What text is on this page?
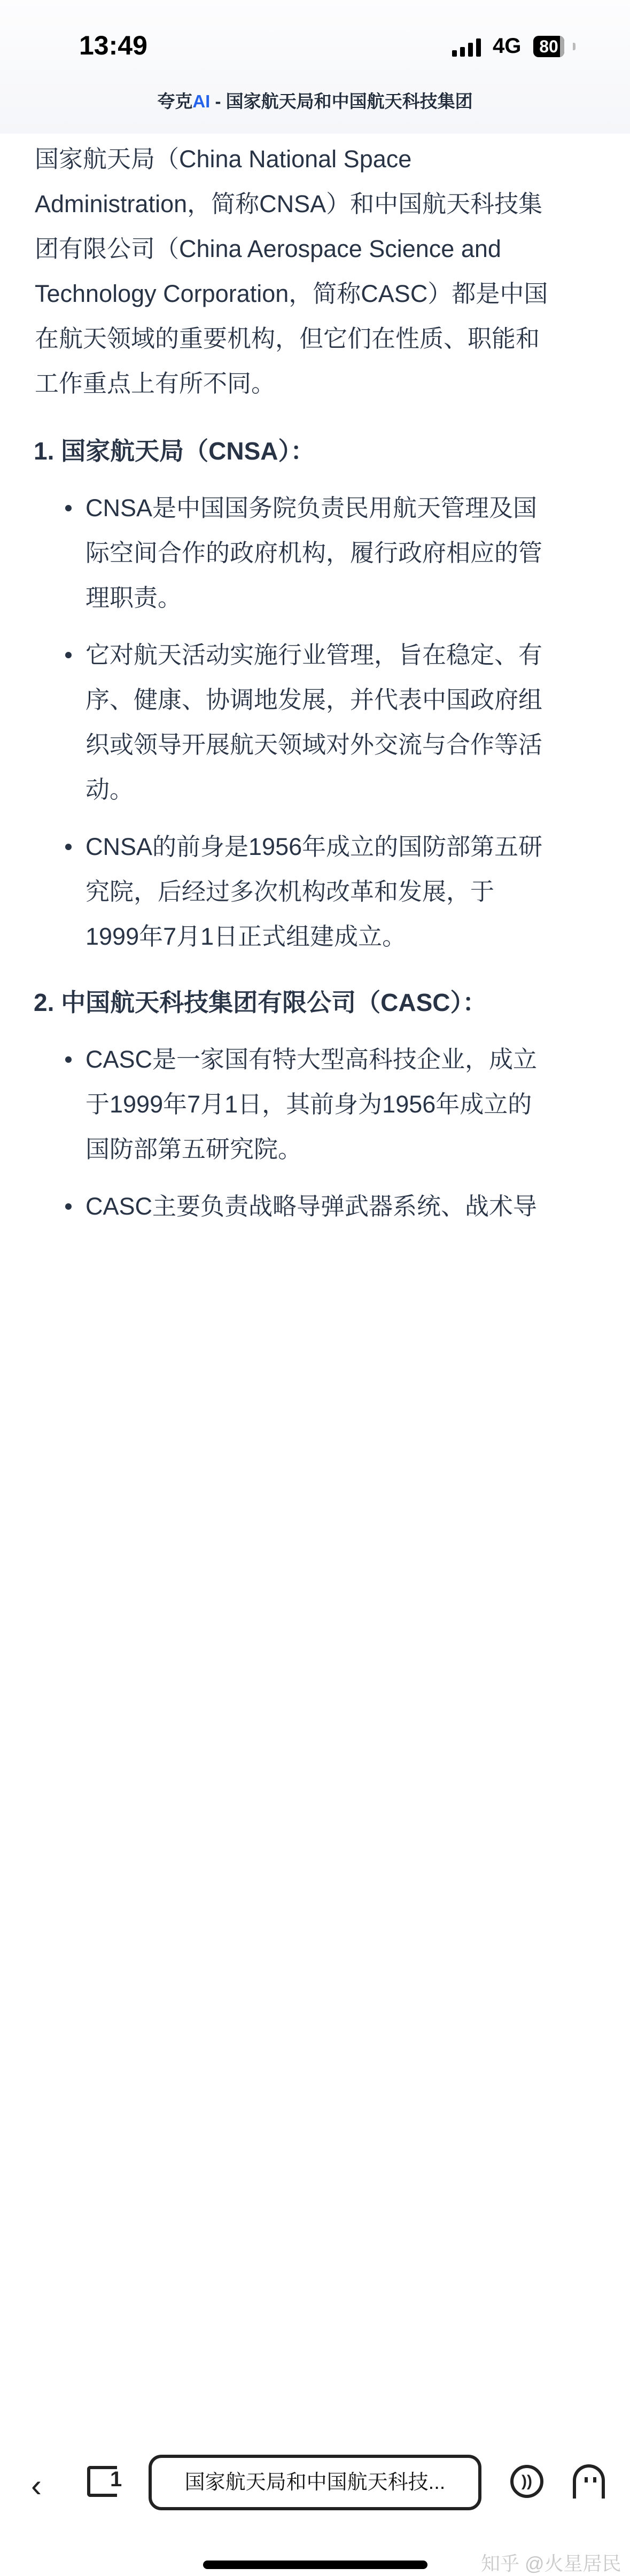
13:49	4G	80
夸克AI - 国家航天局和中国航天科技集团
国家航天局（China National Space
Administration，简称CNSA）和中国航天科技集
团有限公司（China Aerospace Science and
Technology Corporation，简称CASC）都是中国
在航天领域的重要机构，但它们在性质、职能和
工作重点上有所不同。
1. 国家航天局（CNSA）：
CNSA是中国国务院负责民用航天管理及国
际空间合作的政府机构，履行政府相应的管
理职责。
它对航天活动实施行业管理，旨在稳定、有
序、健康、协调地发展，并代表中国政府组
织或领导开展航天领域对外交流与合作等活
动。
CNSA的前身是1956年成立的国防部第五研
究院，后经过多次机构改革和发展，于
1999年7月1日正式组建成立。
2. 中国航天科技集团有限公司（CASC）：
CASC是一家国有特大型高科技企业，成立
于1999年7月1日，其前身为1956年成立的
国防部第五研究院。
CASC主要负责战略导弹武器系统、战术导
‹	1	国家航天局和中国航天科技...	))
知乎 @火星居民
